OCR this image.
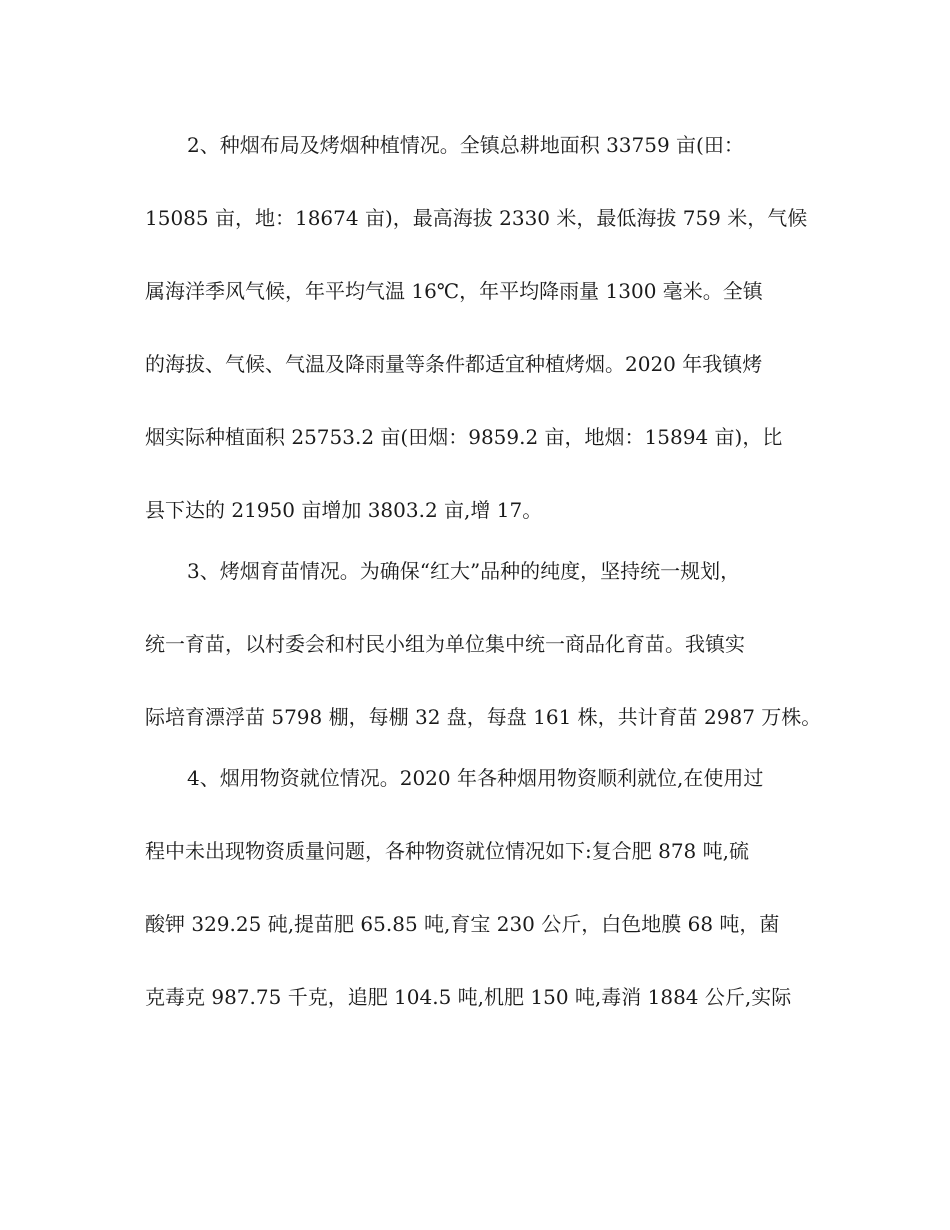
2、种烟布局及烤烟种植情况。全镇总耕地面积 33759 亩(田：
15085 亩，地：18674 亩)，最高海拔 2330 米，最低海拔 759 米，气候
属海洋季风气候，年平均气温 16℃，年平均降雨量 1300 毫米。全镇
的海拔、气候、气温及降雨量等条件都适宜种植烤烟。2020 年我镇烤
烟实际种植面积 25753.2 亩(田烟：9859.2 亩，地烟：15894 亩)，比
县下达的 21950 亩增加 3803.2 亩,增 17。
3、烤烟育苗情况。为确保“红大”品种的纯度，坚持统一规划，
统一育苗，以村委会和村民小组为单位集中统一商品化育苗。我镇实
际培育漂浮苗 5798 棚，每棚 32 盘，每盘 161 株，共计育苗 2987 万株。
4、烟用物资就位情况。2020 年各种烟用物资顺利就位,在使用过
程中未出现物资质量问题，各种物资就位情况如下:复合肥 878 吨,硫
酸钾 329.25 砘,提苗肥 65.85 吨,育宝 230 公斤，白色地膜 68 吨，菌
克毒克 987.75 千克，追肥 104.5 吨,机肥 150 吨,毒消 1884 公斤,实际
